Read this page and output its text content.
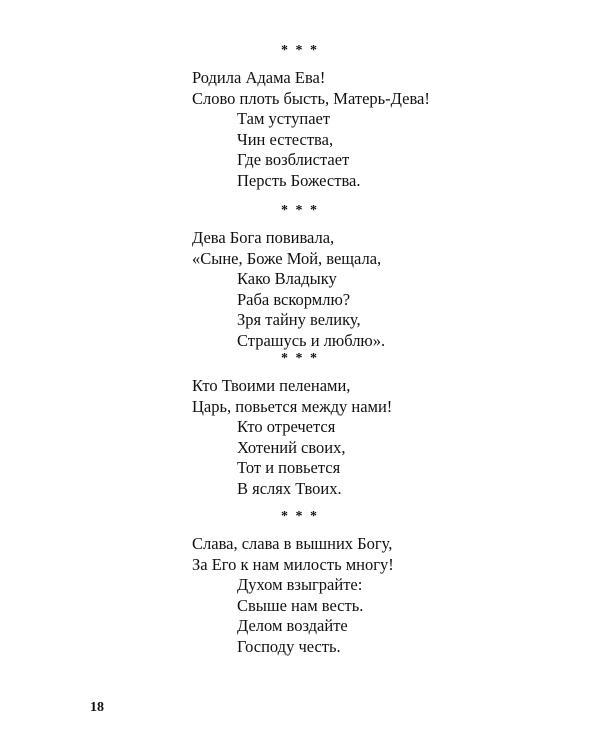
* * *
Родила Адама Ева!
Слово плоть бысть, Матерь-Дева!
Там уступает
Чин естества,
Где возблистает
Персть Божества.
* * *
Дева Бога повивала,
«Сыне, Боже Мой, вещала,
Како Владыку
Раба вскормлю?
Зря тайну велику,
Страшусь и люблю».
* * *
Кто Твоими пеленами,
Царь, повьется между нами!
Кто отречется
Хотений своих,
Тот и повьется
В яслях Твоих.
* * *
Слава, слава в вышних Богу,
За Его к нам милость многу!
Духом взыграйте:
Свыше нам весть.
Делом воздайте
Господу честь.
18
